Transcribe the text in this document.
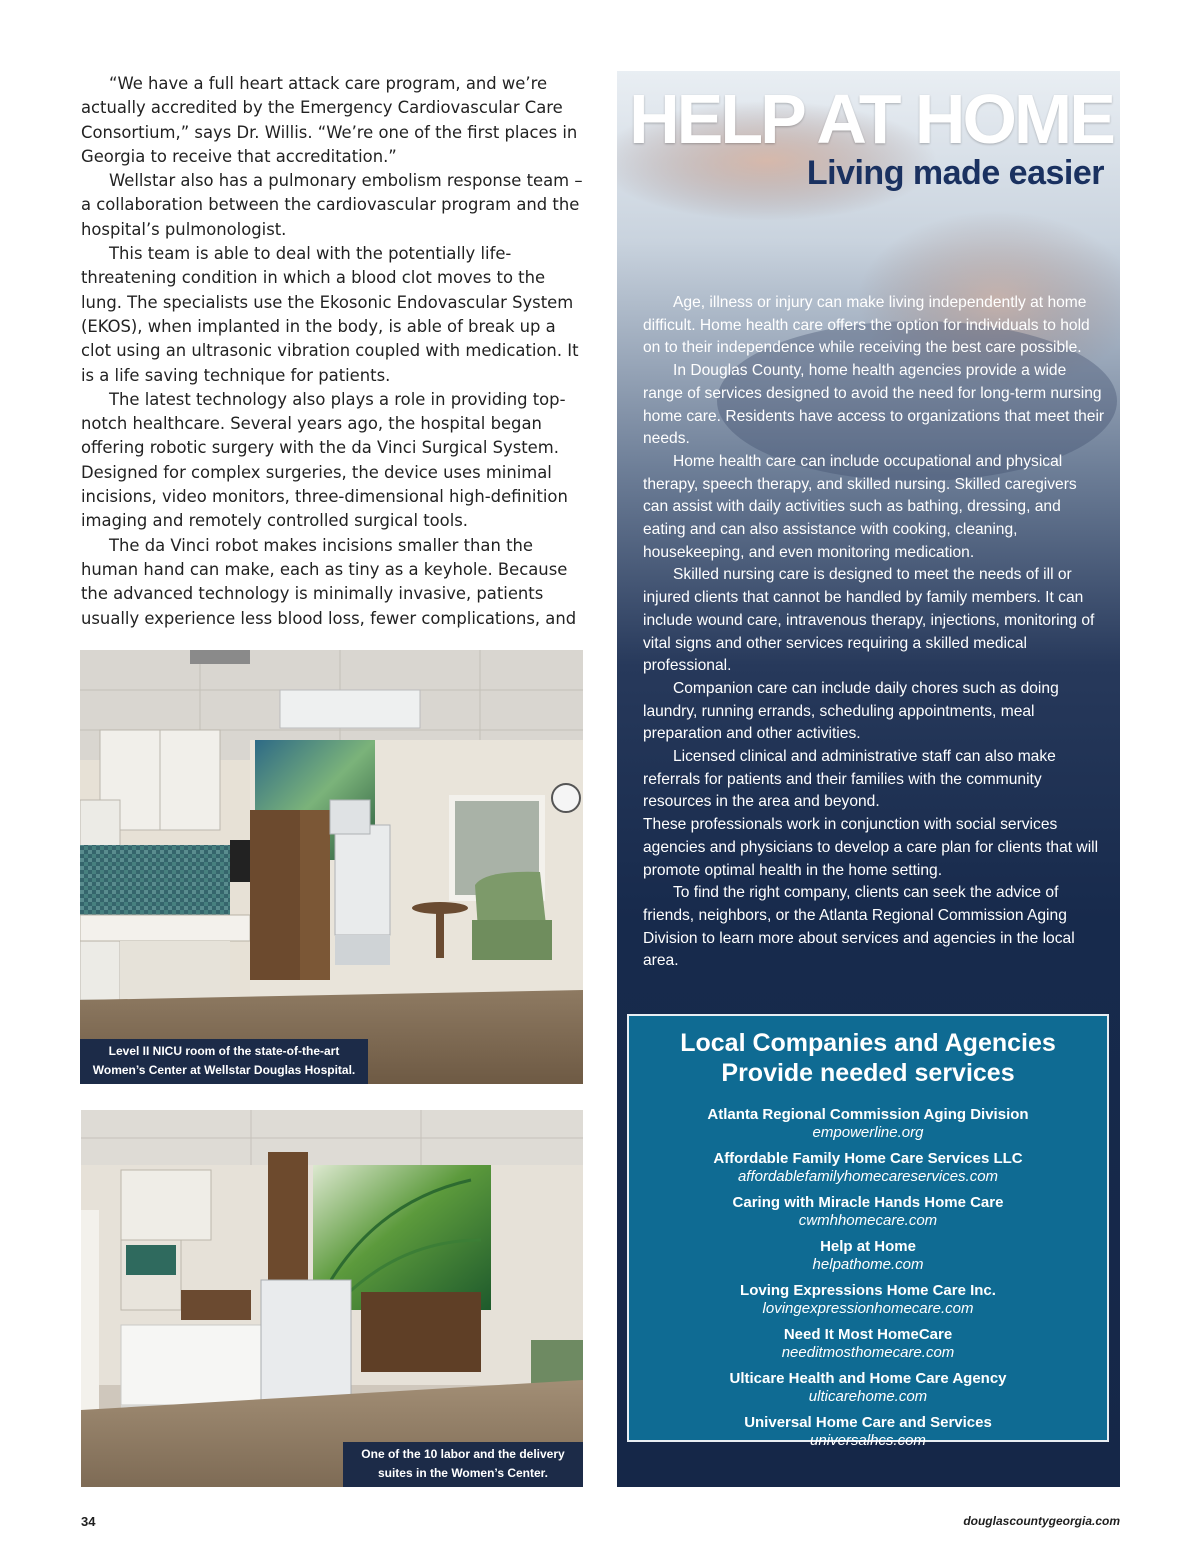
“We have a full heart attack care program, and we’re actually accredited by the Emergency Cardiovascular Care Consortium,” says Dr. Willis. “We’re one of the first places in Georgia to receive that accreditation.”

Wellstar also has a pulmonary embolism response team – a collaboration between the cardiovascular program and the hospital’s pulmonologist.

This team is able to deal with the potentially life-threatening condition in which a blood clot moves to the lung. The specialists use the Ekosonic Endovascular System (EKOS), when implanted in the body, is able of break up a clot using an ultrasonic vibration coupled with medication. It is a life saving technique for patients.

The latest technology also plays a role in providing top-notch healthcare. Several years ago, the hospital began offering robotic surgery with the da Vinci Surgical System. Designed for complex surgeries, the device uses minimal incisions, video monitors, three-dimensional high-definition imaging and remotely controlled surgical tools.

The da Vinci robot makes incisions smaller than the human hand can make, each as tiny as a keyhole. Because the advanced technology is minimally invasive, patients usually experience less blood loss, fewer complications, and

Level II NICU room of the state-of-the-art
Women’s Center at Wellstar Douglas Hospital.
One of the 10 labor and the delivery
suites in the Women’s Center.
HELP AT HOME
Living made easier

Age, illness or injury can make living independently at home difficult. Home health care offers the option for individuals to hold on to their independence while receiving the best care possible.

In Douglas County, home health agencies provide a wide range of services designed to avoid the need for long-term nursing home care. Residents have access to organizations that meet their needs.

Home health care can include occupational and physical therapy, speech therapy, and skilled nursing. Skilled caregivers can assist with daily activities such as bathing, dressing, and eating and can also assistance with cooking, cleaning, housekeeping, and even monitoring medication.

Skilled nursing care is designed to meet the needs of ill or injured clients that cannot be handled by family members. It can include wound care, intravenous therapy, injections, monitoring of vital signs and other services requiring a skilled medical professional.

Companion care can include daily chores such as doing laundry, running errands, scheduling appointments, meal preparation and other activities.

Licensed clinical and administrative staff can also make referrals for patients and their families with the community resources in the area and beyond.

These professionals work in conjunction with social services agencies and physicians to develop a care plan for clients that will promote optimal health in the home setting.

To find the right company, clients can seek the advice of friends, neighbors, or the Atlanta Regional Commission Aging Division to learn more about services and agencies in the local area.

Local Companies and Agencies
Provide needed services
Atlanta Regional Commission Aging Division
empowerline.org
Affordable Family Home Care Services LLC
affordablefamilyhomecareservices.com
Caring with Miracle Hands Home Care
cwmhhomecare.com
Help at Home
helpathome.com
Loving Expressions Home Care Inc.
lovingexpressionhomecare.com
Need It Most HomeCare
needitmosthomecare.com
Ulticare Health and Home Care Agency
ulticarehome.com
Universal Home Care and Services
universalhcs.com
34	douglascountygeorgia.com
